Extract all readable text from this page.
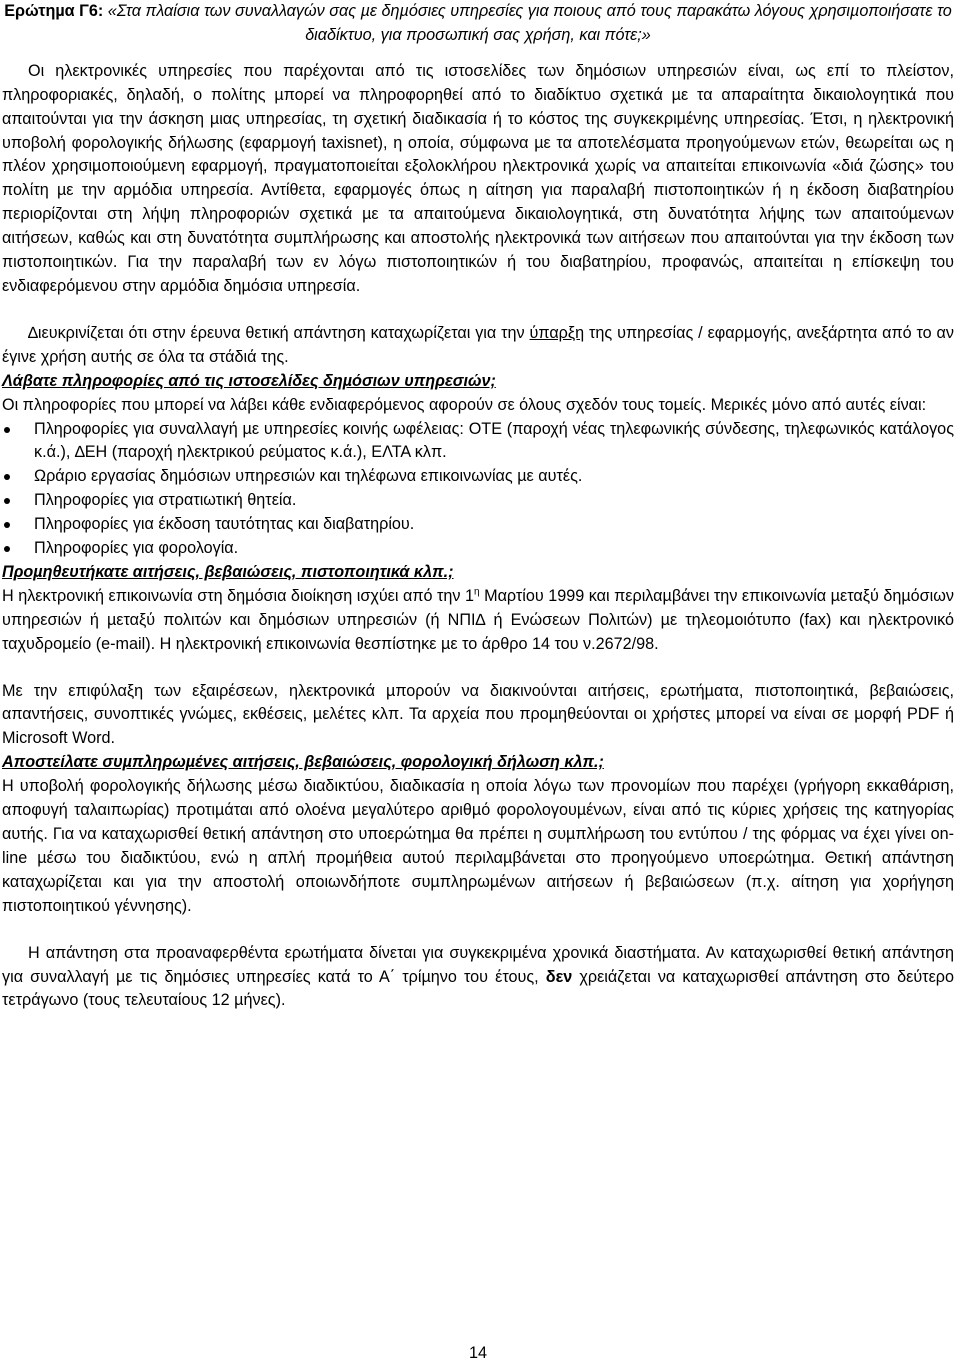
Ερώτηµα Γ6: «Στα πλαίσια των συναλλαγών σας µε δηµόσιες υπηρεσίες για ποιους από τους παρακάτω λόγους χρησιµοποιήσατε το διαδίκτυο, για προσωπική σας χρήση, και πότε;»

Οι ηλεκτρονικές υπηρεσίες που παρέχονται από τις ιστοσελίδες των δηµόσιων υπηρεσιών είναι, ως επί το πλείστον, πληροφοριακές, δηλαδή, ο πολίτης µπορεί να πληροφορηθεί από το διαδίκτυο σχετικά µε τα απαραίτητα δικαιολογητικά που απαιτούνται για την άσκηση µιας υπηρεσίας, τη σχετική διαδικασία ή το κόστος της συγκεκριµένης υπηρεσίας. Έτσι, η ηλεκτρονική υποβολή φορολογικής δήλωσης (εφαρµογή taxisnet), η οποία, σύµφωνα µε τα αποτελέσµατα προηγούµενων ετών, θεωρείται ως η πλέον χρησιµοποιούµενη εφαρµογή, πραγµατοποιείται εξολοκλήρου ηλεκτρονικά χωρίς να απαιτείται επικοινωνία «διά ζώσης» του πολίτη µε την αρµόδια υπηρεσία. Αντίθετα, εφαρµογές όπως η αίτηση για παραλαβή πιστοποιητικών ή η έκδοση διαβατηρίου περιορίζονται στη λήψη πληροφοριών σχετικά µε τα απαιτούµενα δικαιολογητικά, στη δυνατότητα λήψης των απαιτούµενων αιτήσεων, καθώς και στη δυνατότητα συµπλήρωσης και αποστολής ηλεκτρονικά των αιτήσεων που απαιτούνται για την έκδοση των πιστοποιητικών. Για την παραλαβή των εν λόγω πιστοποιητικών ή του διαβατηρίου, προφανώς, απαιτείται η επίσκεψη του ενδιαφερόµενου στην αρµόδια δηµόσια υπηρεσία.

∆ιευκρινίζεται ότι στην έρευνα θετική απάντηση καταχωρίζεται για την ύπαρξη της υπηρεσίας / εφαρµογής, ανεξάρτητα από το αν έγινε χρήση αυτής σε όλα τα στάδιά της.

Λάβατε πληροφορίες από τις ιστοσελίδες δηµόσιων υπηρεσιών;

Οι πληροφορίες που µπορεί να λάβει κάθε ενδιαφερόµενος αφορούν σε όλους σχεδόν τους τοµείς. Μερικές µόνο από αυτές είναι:

Πληροφορίες για συναλλαγή µε υπηρεσίες κοινής ωφέλειας: ΟΤΕ (παροχή νέας τηλεφωνικής σύνδεσης, τηλεφωνικός κατάλογος κ.ά.), ∆ΕΗ (παροχή ηλεκτρικού ρεύµατος κ.ά.), ΕΛΤΑ κλπ.
Ωράριο εργασίας δηµόσιων υπηρεσιών και τηλέφωνα επικοινωνίας µε αυτές.
Πληροφορίες για στρατιωτική θητεία.
Πληροφορίες για έκδοση ταυτότητας και διαβατηρίου.
Πληροφορίες για φορολογία.

Προµηθευτήκατε αιτήσεις, βεβαιώσεις, πιστοποιητικά κλπ.;

Η ηλεκτρονική επικοινωνία στη δηµόσια διοίκηση ισχύει από την $1^\eta$ Μαρτίου 1999 και περιλαµβάνει την επικοινωνία µεταξύ δηµόσιων υπηρεσιών ή µεταξύ πολιτών και δηµόσιων υπηρεσιών (ή ΝΠΙ∆ ή Ενώσεων Πολιτών) µε τηλεοµοιότυπο (fax) και ηλεκτρονικό ταχυδροµείο (e-mail). Η ηλεκτρονική επικοινωνία θεσπίστηκε µε το άρθρο 14 του ν.2672/98.

Με την επιφύλαξη των εξαιρέσεων, ηλεκτρονικά µπορούν να διακινούνται αιτήσεις, ερωτήµατα, πιστοποιητικά, βεβαιώσεις, απαντήσεις, συνοπτικές γνώµες, εκθέσεις, µελέτες κλπ. Τα αρχεία που προµηθεύονται οι χρήστες µπορεί να είναι σε µορφή PDF ή Microsoft Word.

Αποστείλατε συµπληρωµένες αιτήσεις, βεβαιώσεις, φορολογική δήλωση κλπ.;

Η υποβολή φορολογικής δήλωσης µέσω διαδικτύου, διαδικασία η οποία λόγω των προνοµίων που παρέχει (γρήγορη εκκαθάριση, αποφυγή ταλαιπωρίας) προτιµάται από ολοένα µεγαλύτερο αριθµό φορολογουµένων, είναι από τις κύριες χρήσεις της κατηγορίας αυτής. Για να καταχωρισθεί θετική απάντηση στο υποερώτηµα θα πρέπει η συµπλήρωση του εντύπου / της φόρµας να έχει γίνει on-line µέσω του διαδικτύου, ενώ η απλή προµήθεια αυτού περιλαµβάνεται στο προηγούµενο υποερώτηµα. Θετική απάντηση καταχωρίζεται και για την αποστολή οποιωνδήποτε συµπληρωµένων αιτήσεων ή βεβαιώσεων (π.χ. αίτηση για χορήγηση πιστοποιητικού γέννησης).

Η απάντηση στα προαναφερθέντα ερωτήµατα δίνεται για συγκεκριµένα χρονικά διαστήµατα. Αν καταχωρισθεί θετική απάντηση για συναλλαγή µε τις δηµόσιες υπηρεσίες κατά το Α΄ τρίµηνο του έτους, δεν χρειάζεται να καταχωρισθεί απάντηση στο δεύτερο τετράγωνο (τους τελευταίους 12 µήνες).

14
